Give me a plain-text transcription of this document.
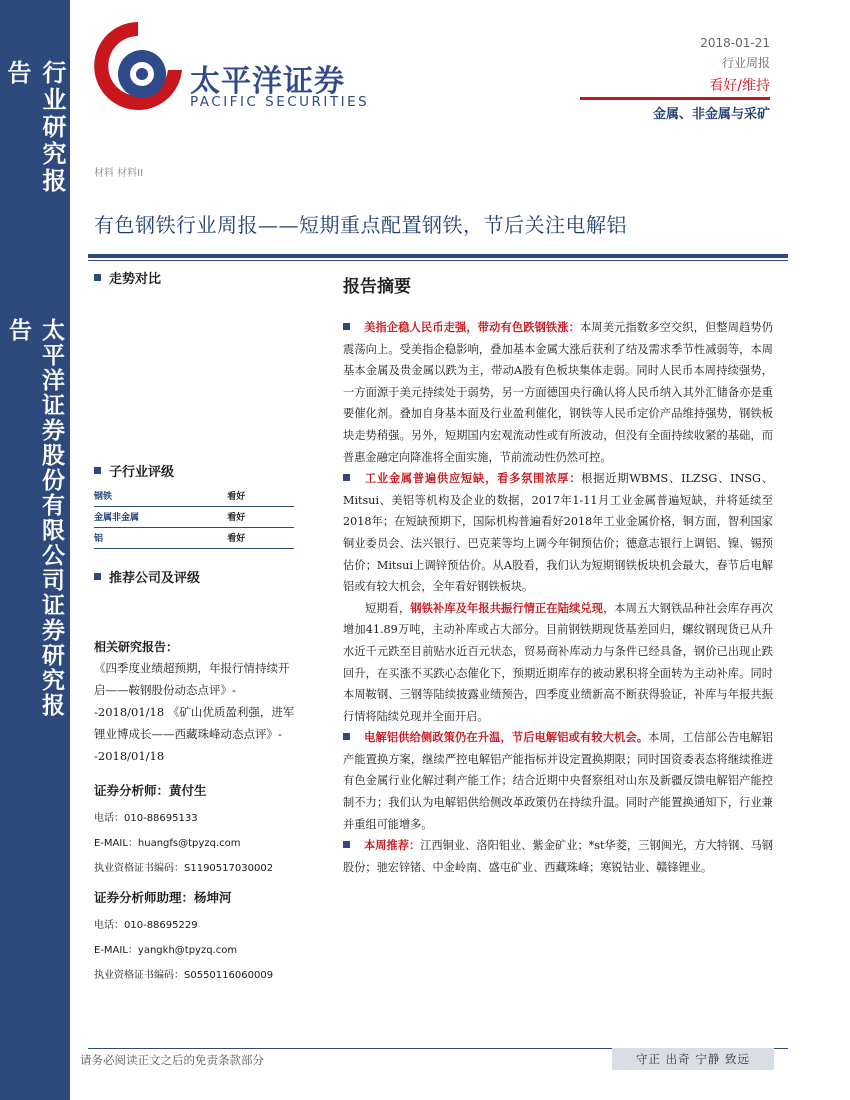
行业研究报告
太平洋证券股份有限公司证券研究报告
太平洋证券
PACIFIC SECURITIES
2018-01-21
行业周报
看好/维持
金属、非金属与采矿
材料 材料II
有色钢铁行业周报——短期重点配置钢铁，节后关注电解铝
走势对比
子行业评级
钢铁	看好
金属非金属	看好
铝	看好
推荐公司及评级
相关研究报告：
《四季度业绩超预期，年报行情持续开启——鞍钢股份动态点评》--2018/01/18 《矿山优质盈利强，进军锂业博成长——西藏珠峰动态点评》--2018/01/18
证券分析师：黄付生
电话：010-88695133
E-MAIL：huangfs@tpyzq.com
执业资格证书编码：S1190517030002
证券分析师助理：杨坤河
电话：010-88695229
E-MAIL：yangkh@tpyzq.com
执业资格证书编码：S0550116060009
报告摘要

美指企稳人民币走强，带动有色跌钢铁涨：本周美元指数多空交织，但整周趋势仍震荡向上。受美指企稳影响，叠加基本金属大涨后获利了结及需求季节性减弱等，本周基本金属及贵金属以跌为主，带动A股有色板块集体走弱。同时人民币本周持续强势，一方面源于美元持续处于弱势，另一方面德国央行确认将人民币纳入其外汇储备亦是重要催化剂。叠加自身基本面及行业盈利催化，钢铁等人民币定价产品维持强势，钢铁板块走势稍强。另外，短期国内宏观流动性或有所波动，但没有全面持续收紧的基础，而普惠金融定向降准将全面实施，节前流动性仍然可控。

工业金属普遍供应短缺，看多氛围浓厚：根据近期WBMS、ILZSG、INSG、Mitsui、美铝等机构及企业的数据，2017年1-11月工业金属普遍短缺，并将延续至2018年；在短缺预期下，国际机构普遍看好2018年工业金属价格，铜方面，智利国家铜业委员会、法兴银行、巴克莱等均上调今年铜预估价；德意志银行上调铝、镍、锡预估价；Mitsui上调锌预估价。从A股看，我们认为短期钢铁板块机会最大，春节后电解铝或有较大机会，全年看好钢铁板块。

短期看，钢铁补库及年报共振行情正在陆续兑现，本周五大钢铁品种社会库存再次增加41.89万吨，主动补库或占大部分。目前钢铁期现货基差回归，螺纹钢现货已从升水近千元跌至目前贴水近百元状态，贸易商补库动力与条件已经具备，钢价已出现止跌回升，在买涨不买跌心态催化下，预期近期库存的被动累积将全面转为主动补库。同时本周鞍钢、三钢等陆续披露业绩预告，四季度业绩新高不断获得验证，补库与年报共振行情将陆续兑现并全面开启。

电解铝供给侧政策仍在升温，节后电解铝或有较大机会。本周，工信部公告电解铝产能置换方案，继续严控电解铝产能指标并设定置换期限；同时国资委表态将继续推进有色金属行业化解过剩产能工作；结合近期中央督察组对山东及新疆反馈电解铝产能控制不力；我们认为电解铝供给侧改革政策仍在持续升温。同时产能置换通知下，行业兼并重组可能增多。

本周推荐：江西铜业、洛阳钼业、紫金矿业；*st华菱，三钢闽光，方大特钢、马钢股份；驰宏锌锗、中金岭南、盛屯矿业、西藏珠峰；寒锐钴业、赣锋锂业。

请务必阅读正文之后的免责条款部分	守正 出奇 宁静 致远
